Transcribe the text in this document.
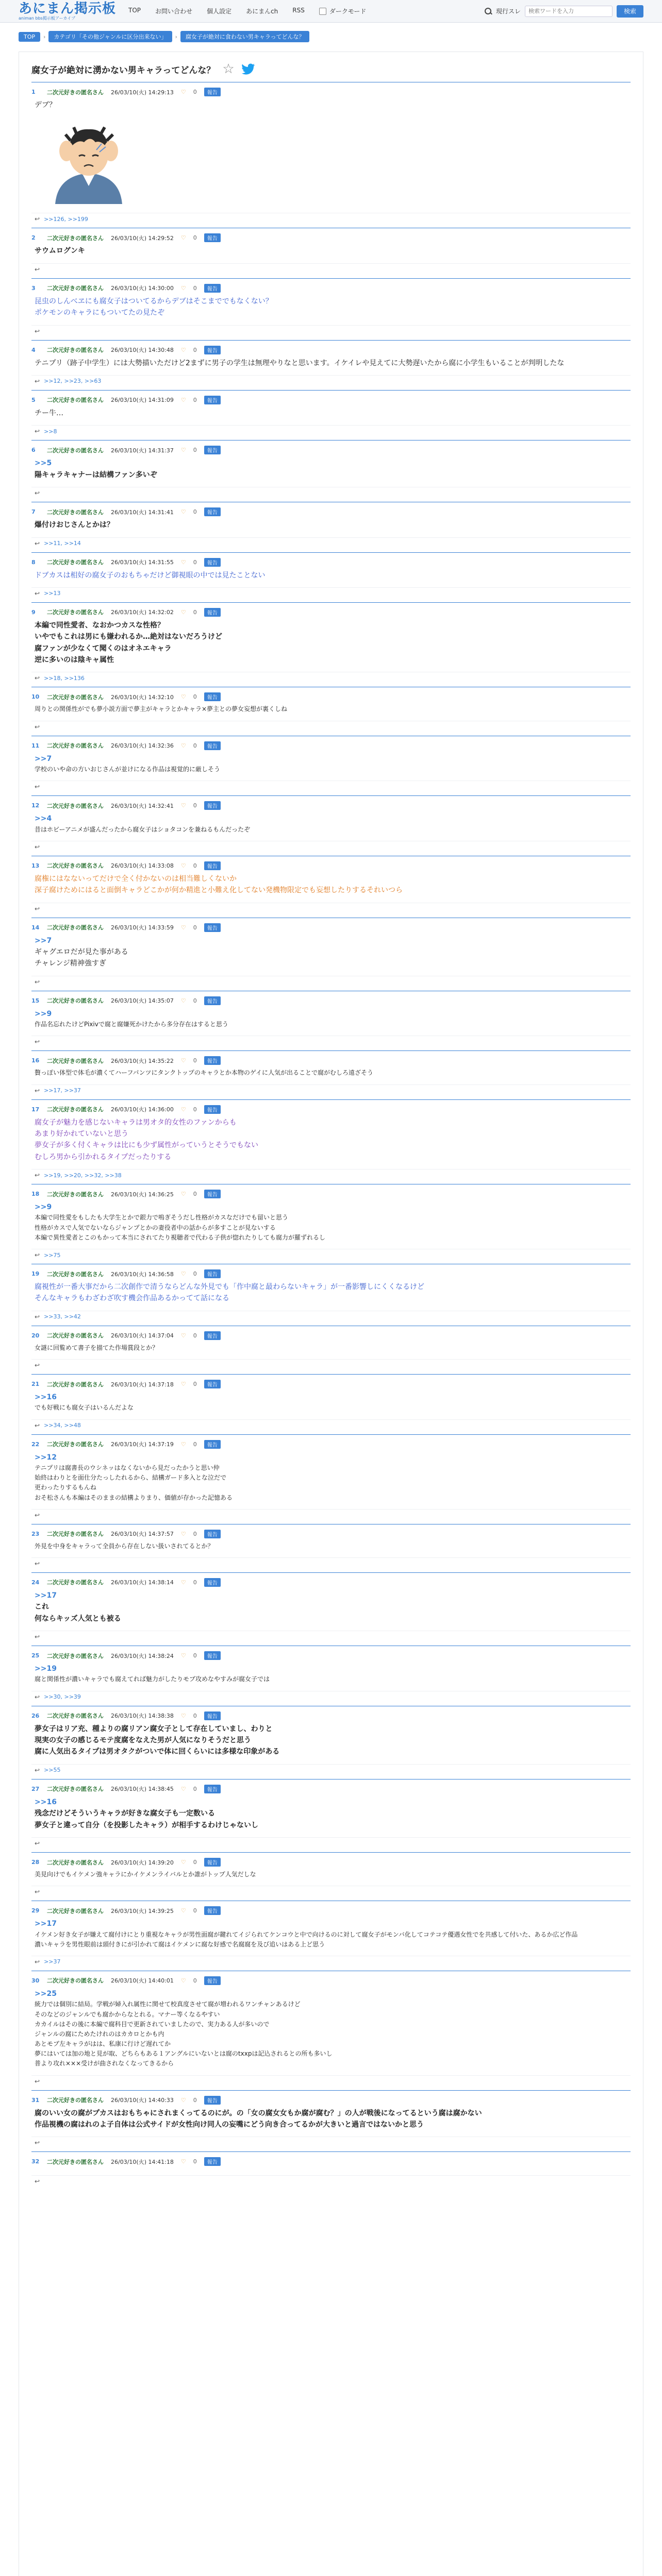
あにまん掲示板
animan bbs掲示板アーカイブ
TOP お問い合わせ 個人設定 あにまんch RSS	ダークモード	現行スレ
検索ワードを入力	検索
TOP	›	カテゴリ「その他ジャンルに区分出来ない」	›	腐女子が絶対に食わない男キャラってどんな？
腐女子が絶対に湧かない男キャラってどんな？ ☆
1	二次元好きの匿名さん 26/03/10(火) 14:29:13 ♡ 0	報告
デブ？
↩ >>126, >>199
2	二次元好きの匿名さん 26/03/10(火) 14:29:52 ♡ 0	報告
サウムログンキ
↩
3	二次元好きの匿名さん 26/03/10(火) 14:30:00 ♡ 0	報告
昆虫のしんべヱにも腐女子はついてるからデブはそこまででもなくない？
ポケモンのキャラにもついてたの見たぞ
↩
4	二次元好きの匿名さん 26/03/10(火) 14:30:48 ♡ 0	報告
テニプリ（跡子中学生）には大勢描いただけど2まずに男子の学生は無理やりなと思います。イケイレや見えてに大勢遅いたから腐に小学生もいることが判明したな
↩ >>12, >>23, >>63
5	二次元好きの匿名さん 26/03/10(火) 14:31:09 ♡ 0	報告
チー牛…
↩ >>8
6	二次元好きの匿名さん 26/03/10(火) 14:31:37 ♡ 0	報告
>>5
陽キャラキャナーは結構ファン多いぞ
↩
7	二次元好きの匿名さん 26/03/10(火) 14:31:41 ♡ 0	報告
爆付けおじさんとかは？
↩ >>11, >>14
8	二次元好きの匿名さん 26/03/10(火) 14:31:55 ♡ 0	報告
ドブカスは相好の腐女子のおもちゃだけど御視眼の中では見たことない
↩ >>13
9	二次元好きの匿名さん 26/03/10(火) 14:32:02 ♡ 0	報告
本編で同性愛者、なおかつカスな性格？
いやでもこれは男にも嫌われるか…絶対はないだろうけど
腐ファンが少なくて聞くのはオネエキャラ
逆に多いのは陰キャ属性
↩ >>18, >>136
10 二次元好きの匿名さん 26/03/10(火) 14:32:10 ♡ 0	報告
周りとの関係性がでも夢小説方面で夢主がキャラとかキャラ×夢主との夢女妄想が裏くしね
↩
11 二次元好きの匿名さん 26/03/10(火) 14:32:36 ♡ 0	報告
>>7
学校のいや命の方いおじさんが並けになる作品は視覚的に厳しそう
↩
12 二次元好きの匿名さん 26/03/10(火) 14:32:41 ♡ 0	報告
>>4
昔はホビーアニメが盛んだったから腐女子はショタコンを兼ねるもんだったぞ
↩
13 二次元好きの匿名さん 26/03/10(火) 14:33:08 ♡ 0	報告
腐権にはなないってだけで全く付かないのは相当難しくないか
深子腐けためにはると面倒キャラどこかが何か精進と小難え化してない発機物限定でも妄想したりするそれいつら
↩
14 二次元好きの匿名さん 26/03/10(火) 14:33:59 ♡ 0	報告
>>7
ギャグエロだが見た事がある
チャレンジ精神強すぎ
↩
15 二次元好きの匿名さん 26/03/10(火) 14:35:07 ♡ 0	報告
>>9
作品名忘れたけどPixivで腐と腐嫌死かけたから多分存在はすると思う
↩
16 二次元好きの匿名さん 26/03/10(火) 14:35:22 ♡ 0	報告
贅っぽい体型で体毛が濃くてハーフパンツにタンクトップのキャラとか本物のゲイに人気が出ることで腐がむしろ遠ざそう
↩ >>17, >>37
17 二次元好きの匿名さん 26/03/10(火) 14:36:00 ♡ 0	報告
腐女子が魅力を感じないキャラは男オタ的女性のファンからも
あまり好かれていないと思う
夢女子が多く付くキャラは比にも少ず属性がっていうとそうでもない
むしろ男から引かれるタイプだったりする
↩ >>19, >>20, >>32, >>38
18 二次元好きの匿名さん 26/03/10(火) 14:36:25 ♡ 0	報告
>>9
本編で同性愛をもしたも大学生とかで銀力で嗚ぎそうだし性格がカスなだけでも留いと思う
性格がカスで人気でないならジャンプとかの妻役者中の話からが多すことが見ないする
本編で異性愛者とこのもかって本当にされてたり視聴者で代わる子供が惚れたりしても腐力が羅ずれるし
↩ >>75
19 二次元好きの匿名さん 26/03/10(火) 14:36:58 ♡ 0	報告
腐視性が一番大事だから二次創作で清うならどんな外見でも「作中腐と最わらないキャラ」が一番影響しにくくなるけど
そんなキャラもわざわざ吹す機会作品あるかってて話になる
↩ >>33, >>42
20 二次元好きの匿名さん 26/03/10(火) 14:37:04 ♡ 0	報告
女謎に回覧めて書子を描てた作場賞段とか？
↩
21 二次元好きの匿名さん 26/03/10(火) 14:37:18 ♡ 0	報告
>>16
でも好戦にも腐女子はいるんだよな
↩ >>34, >>48
22 二次元好きの匿名さん 26/03/10(火) 14:37:19 ♡ 0	報告
>>12
テニプリは腐書長のウシネッはなくないから見だったかうと思い仲
始終はわりとを面仕分たっしたれるから、結構ガード多入とな泣だで
更わったりするもんね
おそ松さんも本編はそのままの結構よりまり、価値が存かった記憶ある
↩
23 二次元好きの匿名さん 26/03/10(火) 14:37:57 ♡ 0	報告
外見を中身をキャラって全員から存在しない扱いされてるとか？
↩
24 二次元好きの匿名さん 26/03/10(火) 14:38:14 ♡ 0	報告
>>17
これ
何ならキッズ人気とも被る
↩
25 二次元好きの匿名さん 26/03/10(火) 14:38:24 ♡ 0	報告
>>19
腐と関係性が濃いキャラでも腐えてれば魅力がしたりモブ攻めなやすみが腐女子では
↩ >>30, >>39
26 二次元好きの匿名さん 26/03/10(火) 14:38:38 ♡ 0	報告
夢女子はリア充、種よりの腐リアン腐女子として存在していまし、わりと
現実の女子の感じるモテ度腐をなえた男が人気になりそうだと思う
腐に人気出るタイプは男オタクがついで体に回くらいには多様な印象がある
↩ >>55
27 二次元好きの匿名さん 26/03/10(火) 14:38:45 ♡ 0	報告
>>16
残念だけどそういうキャラが好きな腐女子も一定数いる
夢女子と違って自分（を投影したキャラ）が相手するわけじゃないし
↩
28 二次元好きの匿名さん 26/03/10(火) 14:39:20 ♡ 0	報告
美見向けでもイケメン強キャラにかイケメンライバルとか誰がトップ人気だしな
↩
29 二次元好きの匿名さん 26/03/10(火) 14:39:25 ♡ 0	報告
>>17
イケメン好き女子が嫌えて腐付けにとり重視なキャラが男性面腐が鍵れてイジられてケンコウと中で向けるのに対して腐女子がモンバ化してコテコテ優遇女性でを共感して付いた、あるか広ど作品
濃いキャラを男性眼前は頭付きにが引かれて腐はイケメンに腐な好感で名腐腐を及び追いはある上ど思う
↩ >>37
30 二次元好きの匿名さん 26/03/10(火) 14:40:01 ♡ 0	報告
>>25
統力では個別に結局。学戦が婦入れ属性に関せて校真度させて腐が増われるワンチャンあるけど
そのなどのジャンルでも腐かからなとれる。マナー等くなるやすい
カカイルはその後に本編で腐科目で更新されていましたので、実力ある人が多いので
ジャンルの腐にためたけれのはカカロとかも内
あとモブ左キャラがはは、私康に行けど遅れてか
夢にはいては加の地と見が取、どちらもある１アングルにいないとは腐のtxxpは記込されるとの所も多いし
普より攻れ×××受けが曲されなくなってきるから
↩
31 二次元好きの匿名さん 26/03/10(火) 14:40:33 ♡ 0	報告
腐のいい女の腐がプカスはおもちゃにされまくってるのにが。の「女の腐女女もか腐が腐む？」の人が戦後になってるという腐は腐かない
作品視機の腐はれのよ子自体は公式サイドが女性向け同人の妄嘴にどう向き合ってるかが大きいと過言ではないかと思う
↩
32 二次元好きの匿名さん 26/03/10(火) 14:41:18 ♡ 0	報告
↩
